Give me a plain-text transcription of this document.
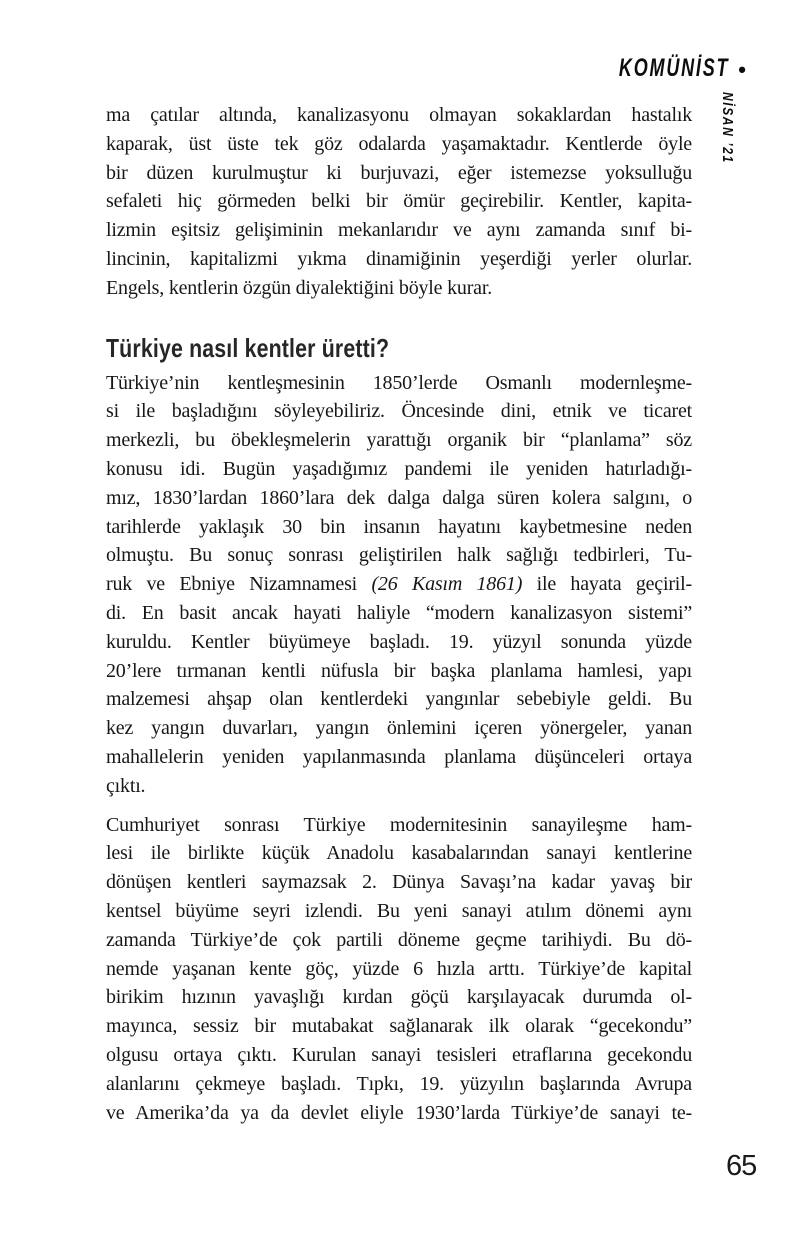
KOMÜNİST •
NİSAN ’21
ma çatılar altında, kanalizasyonu olmayan sokaklardan hastalık
kaparak, üst üste tek göz odalarda yaşamaktadır. Kentlerde öyle
bir düzen kurulmuştur ki burjuvazi, eğer istemezse yoksulluğu
sefaleti hiç görmeden belki bir ömür geçirebilir. Kentler, kapita-
lizmin eşitsiz gelişiminin mekanlarıdır ve aynı zamanda sınıf bi-
lincinin, kapitalizmi yıkma dinamiğinin yeşerdiği yerler olurlar.
Engels, kentlerin özgün diyalektiğini böyle kurar.
Türkiye nasıl kentler üretti?
Türkiye’nin kentleşmesinin 1850’lerde Osmanlı modernleşme-
si ile başladığını söyleyebiliriz. Öncesinde dini, etnik ve ticaret
merkezli, bu öbekleşmelerin yarattığı organik bir “planlama” söz
konusu idi. Bugün yaşadığımız pandemi ile yeniden hatırladığı-
mız, 1830’lardan 1860’lara dek dalga dalga süren kolera salgını, o
tarihlerde yaklaşık 30 bin insanın hayatını kaybetmesine neden
olmuştu. Bu sonuç sonrası geliştirilen halk sağlığı tedbirleri, Tu-
ruk ve Ebniye Nizamnamesi (26 Kasım 1861) ile hayata geçiril-
di. En basit ancak hayati haliyle “modern kanalizasyon sistemi”
kuruldu. Kentler büyümeye başladı. 19. yüzyıl sonunda yüzde
20’lere tırmanan kentli nüfusla bir başka planlama hamlesi, yapı
malzemesi ahşap olan kentlerdeki yangınlar sebebiyle geldi. Bu
kez yangın duvarları, yangın önlemini içeren yönergeler, yanan
mahallelerin yeniden yapılanmasında planlama düşünceleri ortaya
çıktı.
Cumhuriyet sonrası Türkiye modernitesinin sanayileşme ham-
lesi ile birlikte küçük Anadolu kasabalarından sanayi kentlerine
dönüşen kentleri saymazsak 2. Dünya Savaşı’na kadar yavaş bir
kentsel büyüme seyri izlendi. Bu yeni sanayi atılım dönemi aynı
zamanda Türkiye’de çok partili döneme geçme tarihiydi. Bu dö-
nemde yaşanan kente göç, yüzde 6 hızla arttı. Türkiye’de kapital
birikim hızının yavaşlığı kırdan göçü karşılayacak durumda ol-
mayınca, sessiz bir mutabakat sağlanarak ilk olarak “gecekondu”
olgusu ortaya çıktı. Kurulan sanayi tesisleri etraflarına gecekondu
alanlarını çekmeye başladı. Tıpkı, 19. yüzyılın başlarında Avrupa
ve Amerika’da ya da devlet eliyle 1930’larda Türkiye’de sanayi te-
65
